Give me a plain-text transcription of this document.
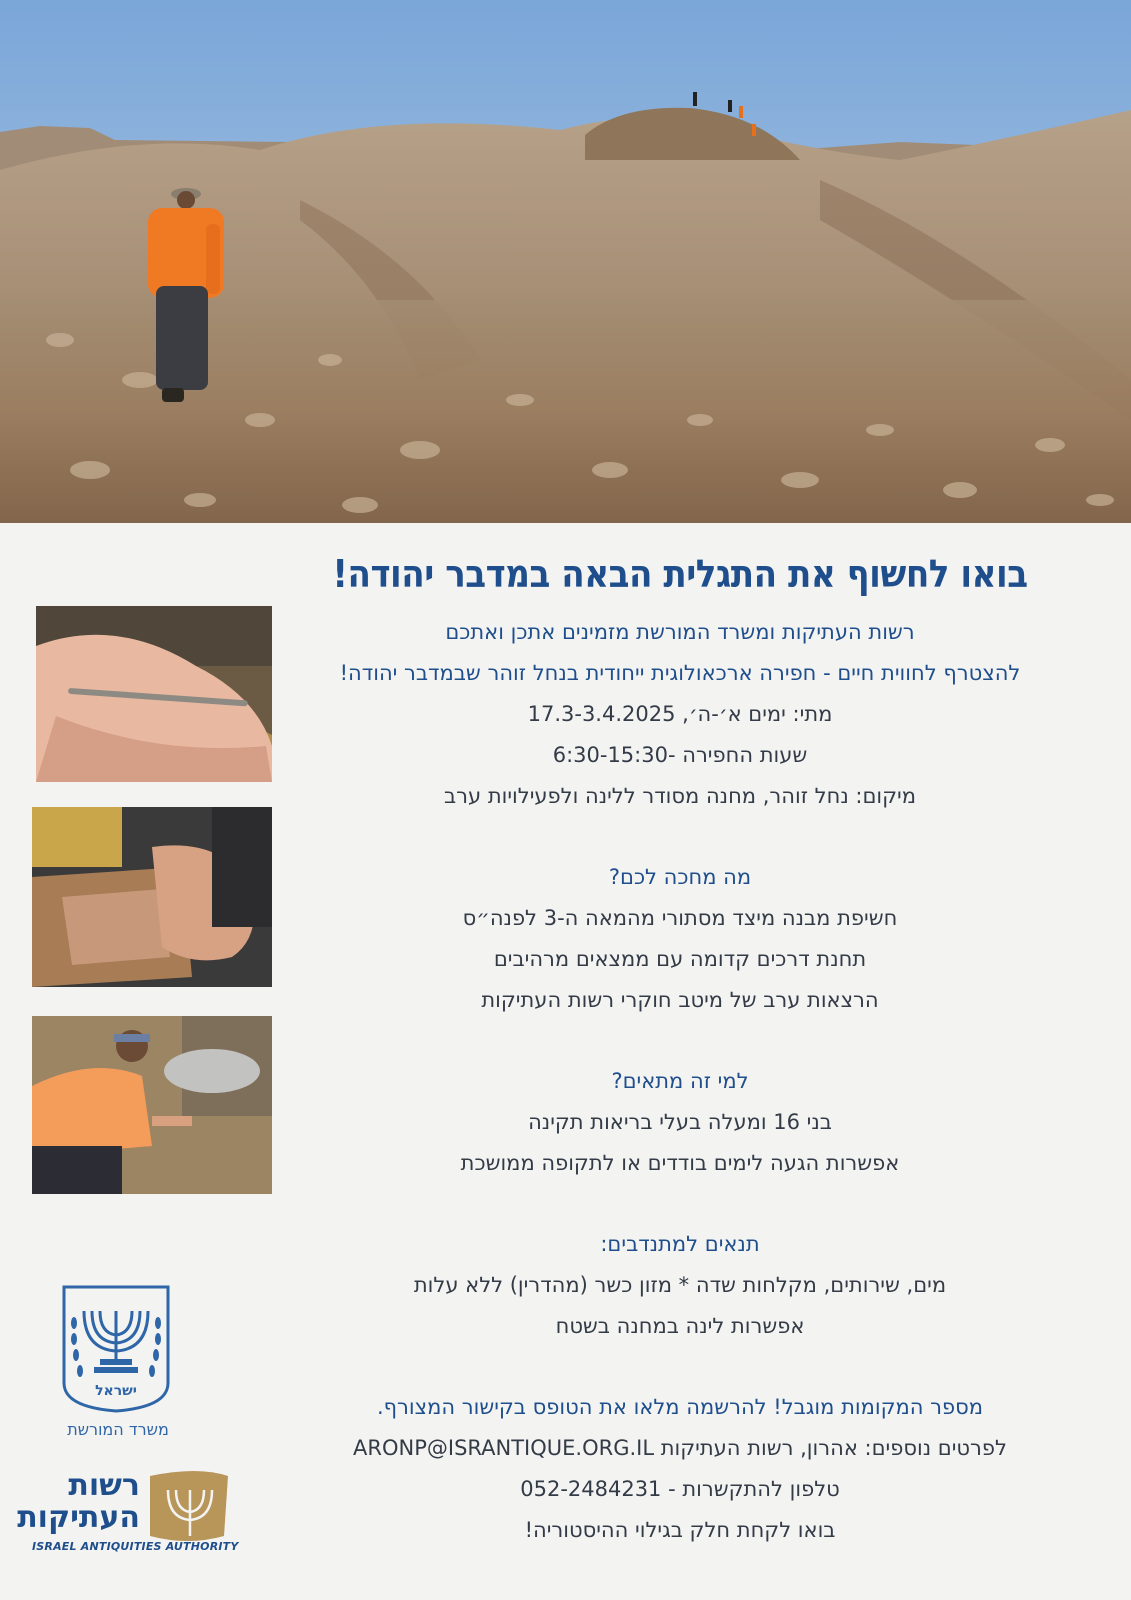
בואו לחשוף את התגלית הבאה במדבר יהודה!
רשות העתיקות ומשרד המורשת מזמינים אתכן ואתכם
להצטרף לחווית חיים - חפירה ארכאולוגית ייחודית בנחל זוהר שבמדבר יהודה!
מתי: ימים א׳-ה׳, 17.3-3.4.2025
שעות החפירה -6:30-15:30
מיקום: נחל זוהר, מחנה מסודר ללינה ולפעילויות ערב
מה מחכה לכם?
חשיפת מבנה מיצד מסתורי מהמאה ה-3 לפנה״ס
תחנת דרכים קדומה עם ממצאים מרהיבים
הרצאות ערב של מיטב חוקרי רשות העתיקות
למי זה מתאים?
בני 16 ומעלה בעלי בריאות תקינה
אפשרות הגעה לימים בודדים או לתקופה ממושכת
תנאים למתנדבים:
מים, שירותים, מקלחות שדה * מזון כשר (מהדרין) ללא עלות
אפשרות לינה במחנה בשטח
מספר המקומות מוגבל! להרשמה מלאו את הטופס בקישור המצורף.
לפרטים נוספים: אהרון, רשות העתיקות ARONP@ISRANTIQUE.ORG.IL
טלפון להתקשרות - 052-2484231
בואו לקחת חלק בגילוי ההיסטוריה!
ישראל
משרד המורשת
רשות העתיקות
ISRAEL ANTIQUITIES AUTHORITY
